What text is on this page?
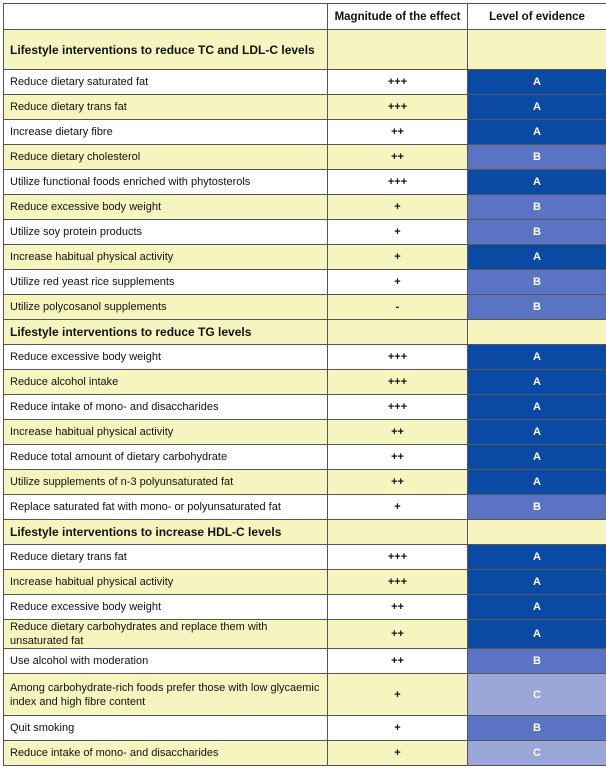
	Magnitude of the effect	Level of evidence
Lifestyle interventions to reduce TC and LDL-C levels		
Reduce dietary saturated fat	+++	A
Reduce dietary trans fat	+++	A
Increase dietary fibre	++	A
Reduce dietary cholesterol	++	B
Utilize functional foods enriched with phytosterols	+++	A
Reduce excessive body weight	+	B
Utilize soy protein products	+	B
Increase habitual physical activity	+	A
Utilize red yeast rice supplements	+	B
Utilize polycosanol supplements	-	B
Lifestyle interventions to reduce TG levels		
Reduce excessive body weight	+++	A
Reduce alcohol intake	+++	A
Reduce intake of mono- and disaccharides	+++	A
Increase habitual physical activity	++	A
Reduce total amount of dietary carbohydrate	++	A
Utilize supplements of n-3 polyunsaturated fat	++	A
Replace saturated fat with mono- or polyunsaturated fat	+	B
Lifestyle interventions to increase HDL-C levels		
Reduce dietary trans fat	+++	A
Increase habitual physical activity	+++	A
Reduce excessive body weight	++	A
Reduce dietary carbohydrates and replace them with unsaturated fat	++	A
Use alcohol with moderation	++	B
Among carbohydrate-rich foods prefer those with low glycaemic index and high fibre content	+	C
Quit smoking	+	B
Reduce intake of mono- and disaccharides	+	C
